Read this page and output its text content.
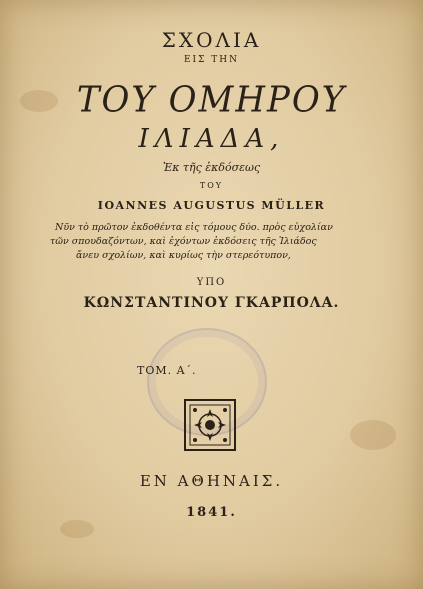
ΣΧΟΛΙΑ
ΕΙΣ ΤΗΝ
ΤΟΥ ΟΜΗΡΟΥ
ΙΛΙΑΔΑ,
Ἐκ τῆς ἐκδόσεως
ΤΟΥ
IOANNES AUGUSTUS MÜLLER
Νῦν τὸ πρῶτον ἐκδοθέντα εἰς τόμους δύο. πρὸς εὐχολίαν
τῶν σπουδαζόντων, καὶ ἐχόντων ἐκδόσεις τῆς Ἰλιάδος
ἄνευ σχολίων, καὶ κυρίως τὴν στερεότυπον,
ΥΠΟ
ΚΩΝΣΤΑΝΤΙΝΟΥ ΓΚΑΡΠΟΛΑ.
ΤΟΜ. Α΄.
ΕΝ ΑΘΗΝΑΙΣ.
1841.
